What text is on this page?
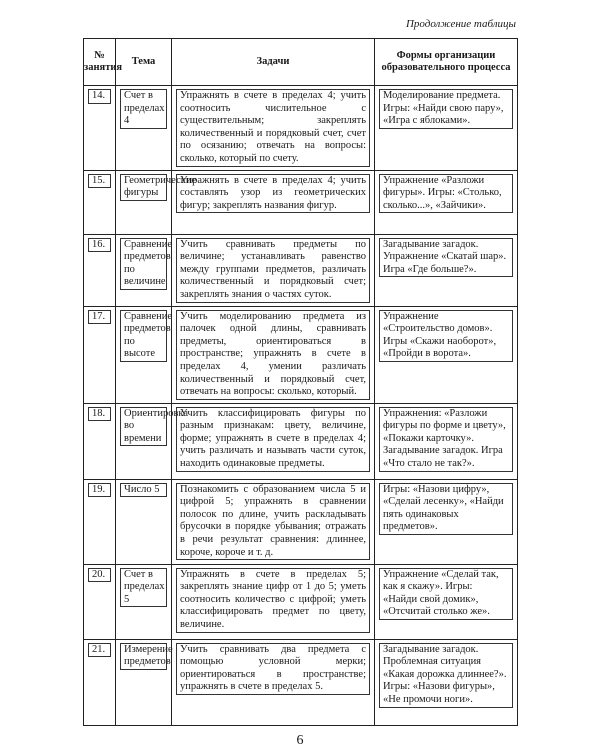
Продолжение таблицы
№ занятия	Тема	Задачи	Формы организации образовательного процесса

14.	Счет в пределах 4	Упражнять в счете в пределах 4; учить соотносить числительное с существительным; закреплять количественный и порядковый счет, счет по осязанию; отвечать на вопросы: сколько, который по счету.	Моделирование предмета. Игры: «Найди свою пару», «Игра с яблоками».

15.	Геометрические фигуры	Упражнять в счете в пределах 4; учить составлять узор из геометрических фигур; закреплять названия фигур.	Упражнение «Разложи фигуры». Игры: «Столько, сколько...», «Зайчики».

16.	Сравнение предметов по величине	Учить сравнивать предметы по величине; устанавливать равенство между группами предметов, различать количественный и порядковый счет; закреплять знания о частях суток.	Загадывание загадок. Упражнение «Скатай шар». Игра «Где больше?».

17.	Сравнение предметов по высоте	Учить моделированию предмета из палочек одной длины, сравнивать предметы, ориентироваться в пространстве; упражнять в счете в пределах 4, умении различать количественный и порядковый счет, отвечать на вопросы: сколько, который.	Упражнение «Строительство домов». Игры «Скажи наоборот», «Пройди в ворота».

18.	Ориентировка во времени	Учить классифицировать фигуры по разным признакам: цвету, величине, форме; упражнять в счете в пределах 4; учить различать и называть части суток, находить одинаковые предметы.	Упражнения: «Разложи фигуры по форме и цвету», «Покажи карточку». Загадывание загадок. Игра «Что стало не так?».

19.	Число 5	Познакомить с образованием числа 5 и цифрой 5; упражнять в сравнении полосок по длине, учить раскладывать брусочки в порядке убывания; отражать в речи результат сравнения: длиннее, короче, короче и т. д.	Игры: «Назови цифру», «Сделай лесенку», «Найди пять одинаковых предметов».

20.	Счет в пределах 5	Упражнять в счете в пределах 5; закреплять знание цифр от 1 до 5; уметь соотносить количество с цифрой; уметь классифицировать предмет по цвету, величине.	Упражнение «Сделай так, как я скажу». Игры: «Найди свой домик», «Отсчитай столько же».

21.	Измерение предметов	Учить сравнивать два предмета с помощью условной мерки; ориентироваться в пространстве; упражнять в счете в пределах 5.	Загадывание загадок. Проблемная ситуация «Какая дорожка длиннее?». Игры: «Назови фигуры», «Не промочи ноги».
6
